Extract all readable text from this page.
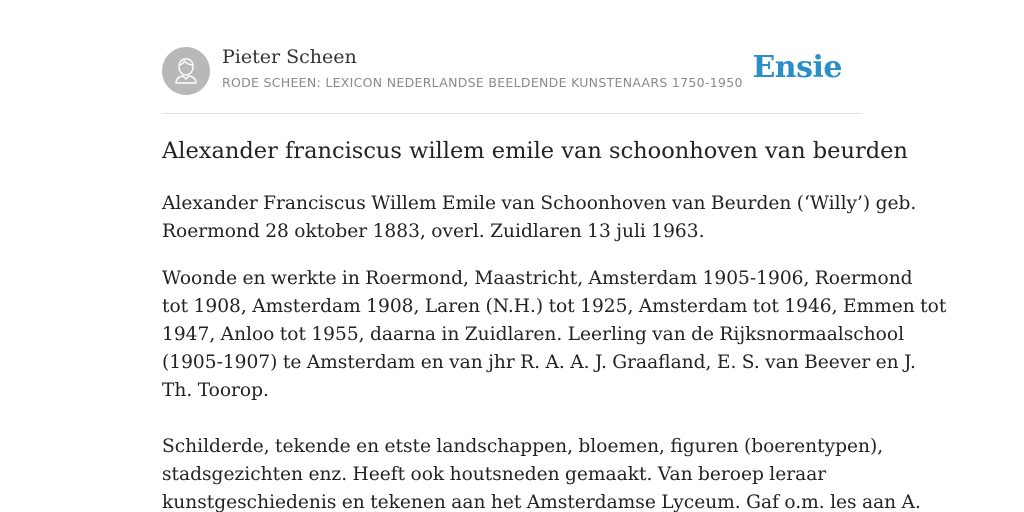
Pieter Scheen
RODE SCHEEN: LEXICON NEDERLANDSE BEELDENDE KUNSTENAARS 1750-1950 Ensie
Alexander franciscus willem emile van schoonhoven van beurden

Alexander Franciscus Willem Emile van Schoonhoven van Beurden (‘Willy’) geb.
Roermond 28 oktober 1883, overl. Zuidlaren 13 juli 1963.

Woonde en werkte in Roermond, Maastricht, Amsterdam 1905-1906, Roermond
tot 1908, Amsterdam 1908, Laren (N.H.) tot 1925, Amsterdam tot 1946, Emmen tot
1947, Anloo tot 1955, daarna in Zuidlaren. Leerling van de Rijksnormaalschool
(1905-1907) te Amsterdam en van jhr R. A. A. J. Graafland, E. S. van Beever en J.
Th. Toorop.

Schilderde, tekende en etste landschappen, bloemen, figuren (boerentypen),
stadsgezichten enz. Heeft ook houtsneden gemaakt. Van beroep leraar
kunstgeschiedenis en tekenen aan het Amsterdamse Lyceum. Gaf o.m. les aan A.
